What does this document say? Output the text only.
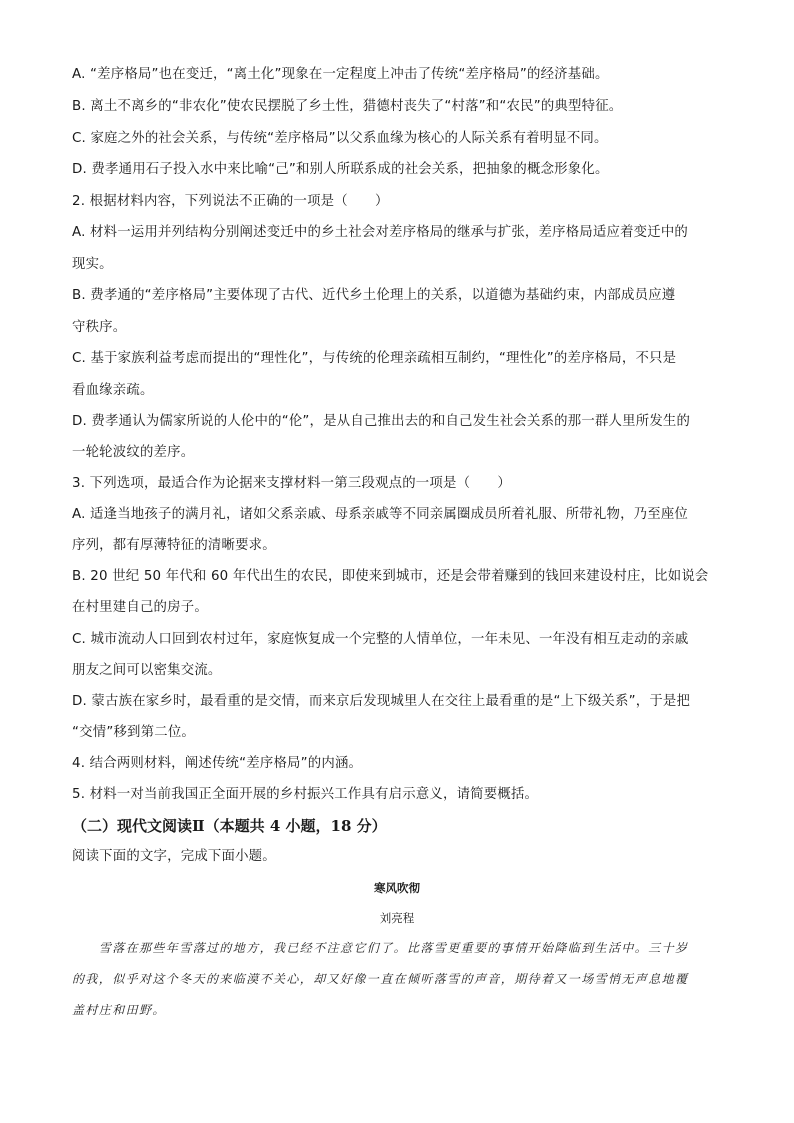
A. “差序格局”也在变迁，“离土化”现象在一定程度上冲击了传统“差序格局”的经济基础。
B. 离土不离乡的“非农化”使农民摆脱了乡土性，猎德村丧失了“村落”和“农民”的典型特征。
C. 家庭之外的社会关系，与传统“差序格局”以父系血缘为核心的人际关系有着明显不同。
D. 费孝通用石子投入水中来比喻“己”和别人所联系成的社会关系，把抽象的概念形象化。
2. 根据材料内容，下列说法不正确的一项是（　　）
A. 材料一运用并列结构分别阐述变迁中的乡土社会对差序格局的继承与扩张，差序格局适应着变迁中的
现实。
B. 费孝通的“差序格局”主要体现了古代、近代乡土伦理上的关系，以道德为基础约束，内部成员应遵
守秩序。
C. 基于家族利益考虑而提出的“理性化”，与传统的伦理亲疏相互制约，“理性化”的差序格局，不只是
看血缘亲疏。
D. 费孝通认为儒家所说的人伦中的“伦”，是从自己推出去的和自己发生社会关系的那一群人里所发生的
一轮轮波纹的差序。
3. 下列选项，最适合作为论据来支撑材料一第三段观点的一项是（　　）
A. 适逢当地孩子的满月礼，诸如父系亲戚、母系亲戚等不同亲属圈成员所着礼服、所带礼物，乃至座位
序列，都有厚薄特征的清晰要求。
B. 20 世纪 50 年代和 60 年代出生的农民，即使来到城市，还是会带着赚到的钱回来建设村庄，比如说会
在村里建自己的房子。
C. 城市流动人口回到农村过年，家庭恢复成一个完整的人情单位，一年未见、一年没有相互走动的亲戚
朋友之间可以密集交流。
D. 蒙古族在家乡时，最看重的是交情，而来京后发现城里人在交往上最看重的是“上下级关系”，于是把
“交情”移到第二位。
4. 结合两则材料，阐述传统“差序格局”的内涵。
5. 材料一对当前我国正全面开展的乡村振兴工作具有启示意义，请简要概括。
（二）现代文阅读Ⅱ（本题共 4 小题，18 分）
阅读下面的文字，完成下面小题。
寒风吹彻
刘亮程
　　雪落在那些年雪落过的地方，我已经不注意它们了。比落雪更重要的事情开始降临到生活中。三十岁
的我，似乎对这个冬天的来临漠不关心，却又好像一直在倾听落雪的声音，期待着又一场雪悄无声息地覆
盖村庄和田野。
